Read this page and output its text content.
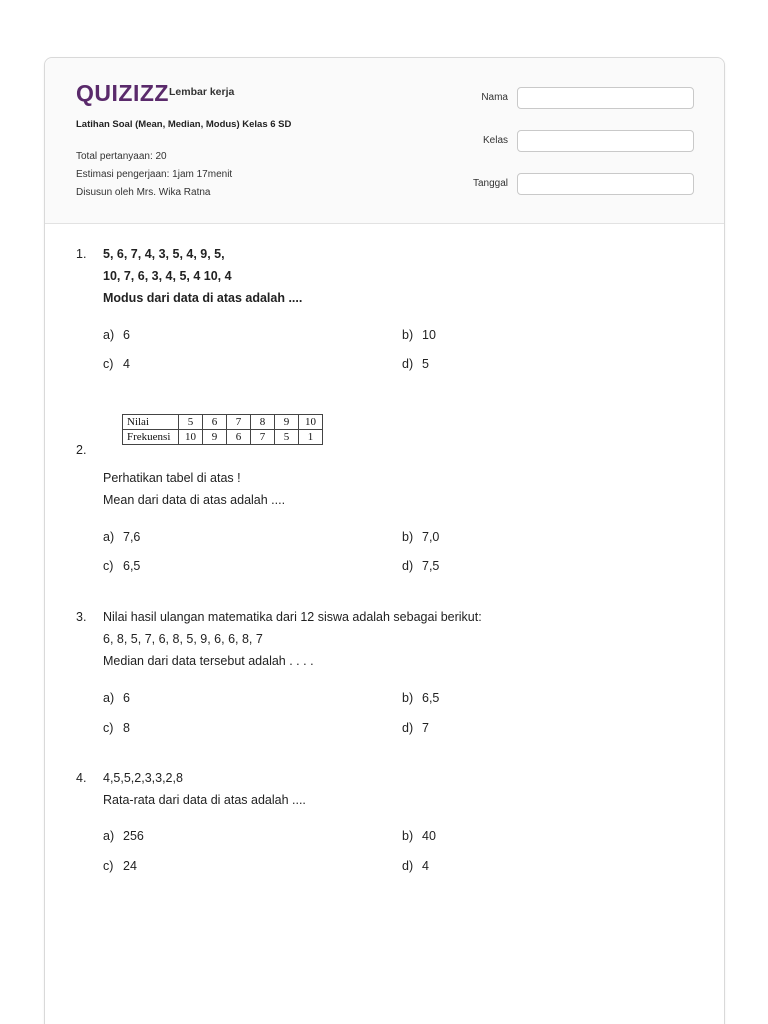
QUIZIZZ Lembar kerja
Latihan Soal (Mean, Median, Modus) Kelas 6 SD
Total pertanyaan: 20
Estimasi pengerjaan: 1jam 17menit
Disusun oleh Mrs. Wika Ratna
Nama
Kelas
Tanggal
1.	5, 6, 7, 4, 3, 5, 4, 9, 5,
10, 7, 6, 3, 4, 5, 4 10, 4
Modus dari data di atas adalah ....
a) 6	b) 10
c) 4	d) 5
Nilai	5	6	7	8	9	10
Frekuensi	10	9	6	7	5	1
2.
Perhatikan tabel di atas !
Mean dari data di atas adalah ....
a) 7,6	b) 7,0
c) 6,5	d) 7,5
3.	Nilai hasil ulangan matematika dari 12 siswa adalah sebagai berikut:
6, 8, 5, 7, 6, 8, 5, 9, 6, 6, 8, 7
Median dari data tersebut adalah . . . .
a) 6	b) 6,5
c) 8	d) 7
4.	4,5,5,2,3,3,2,8
Rata-rata dari data di atas adalah ....
a) 256	b) 40
c) 24	d) 4
